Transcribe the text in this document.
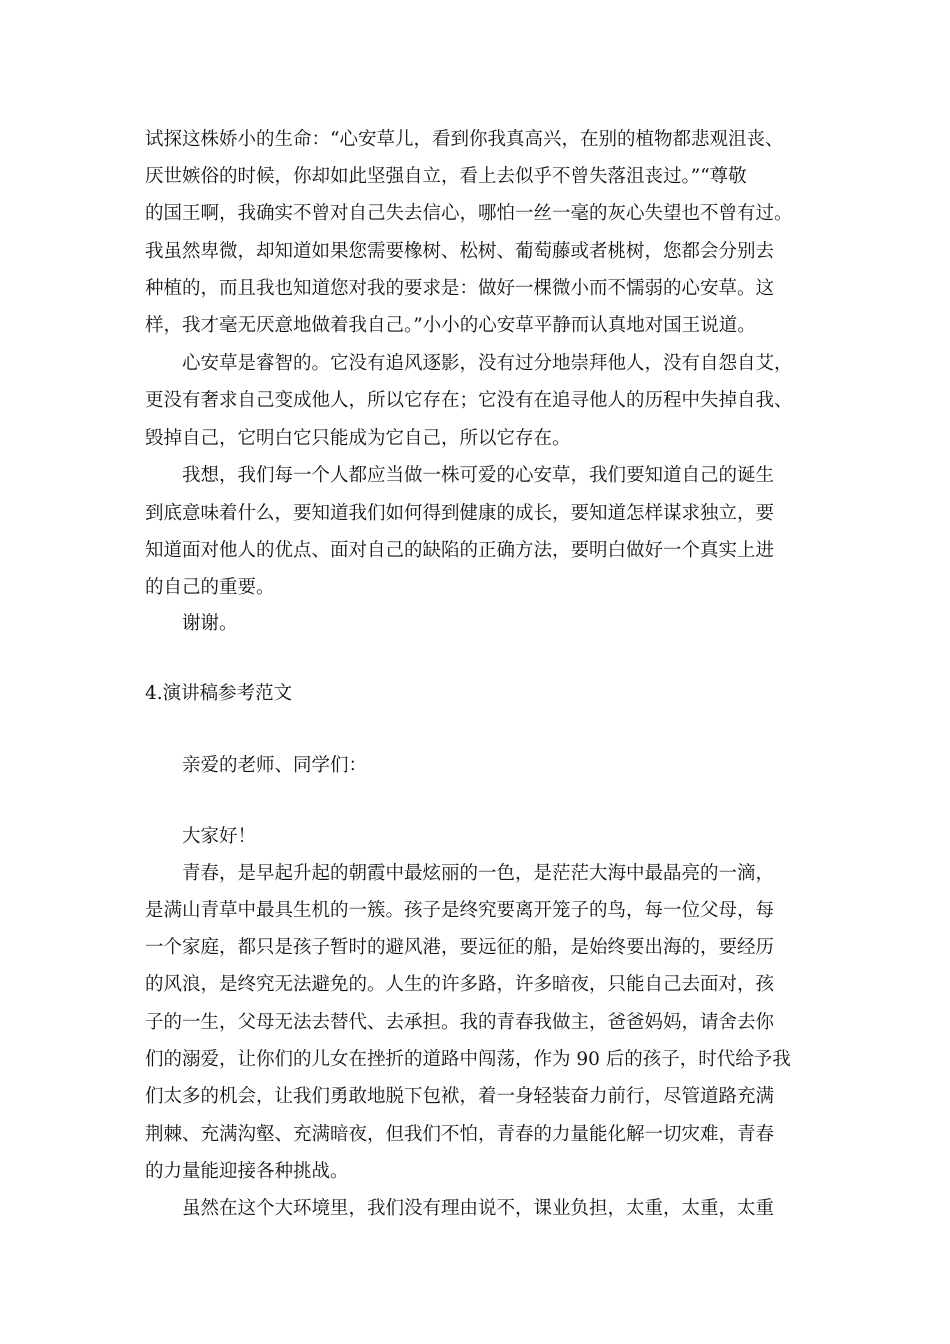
试探这株娇小的生命：“心安草儿，看到你我真高兴，在别的植物都悲观沮丧、
厌世嫉俗的时候，你却如此坚强自立，看上去似乎不曾失落沮丧过。”“尊敬
的国王啊，我确实不曾对自己失去信心，哪怕一丝一毫的灰心失望也不曾有过。
我虽然卑微，却知道如果您需要橡树、松树、葡萄藤或者桃树，您都会分别去
种植的，而且我也知道您对我的要求是：做好一棵微小而不懦弱的心安草。这
样，我才毫无厌意地做着我自己。”小小的心安草平静而认真地对国王说道。
心安草是睿智的。它没有追风逐影，没有过分地崇拜他人，没有自怨自艾，
更没有奢求自己变成他人，所以它存在；它没有在追寻他人的历程中失掉自我、
毁掉自己，它明白它只能成为它自己，所以它存在。
我想，我们每一个人都应当做一株可爱的心安草，我们要知道自己的诞生
到底意味着什么，要知道我们如何得到健康的成长，要知道怎样谋求独立，要
知道面对他人的优点、面对自己的缺陷的正确方法，要明白做好一个真实上进
的自己的重要。
谢谢。
4.演讲稿参考范文
亲爱的老师、同学们：
大家好！
青春，是早起升起的朝霞中最炫丽的一色，是茫茫大海中最晶亮的一滴，
是满山青草中最具生机的一簇。孩子是终究要离开笼子的鸟，每一位父母，每
一个家庭，都只是孩子暂时的避风港，要远征的船，是始终要出海的，要经历
的风浪，是终究无法避免的。人生的许多路，许多暗夜，只能自己去面对，孩
子的一生，父母无法去替代、去承担。我的青春我做主，爸爸妈妈，请舍去你
们的溺爱，让你们的儿女在挫折的道路中闯荡，作为 90 后的孩子，时代给予我
们太多的机会，让我们勇敢地脱下包袱，着一身轻装奋力前行，尽管道路充满
荆棘、充满沟壑、充满暗夜，但我们不怕，青春的力量能化解一切灾难，青春
的力量能迎接各种挑战。
虽然在这个大环境里，我们没有理由说不，课业负担，太重，太重，太重
